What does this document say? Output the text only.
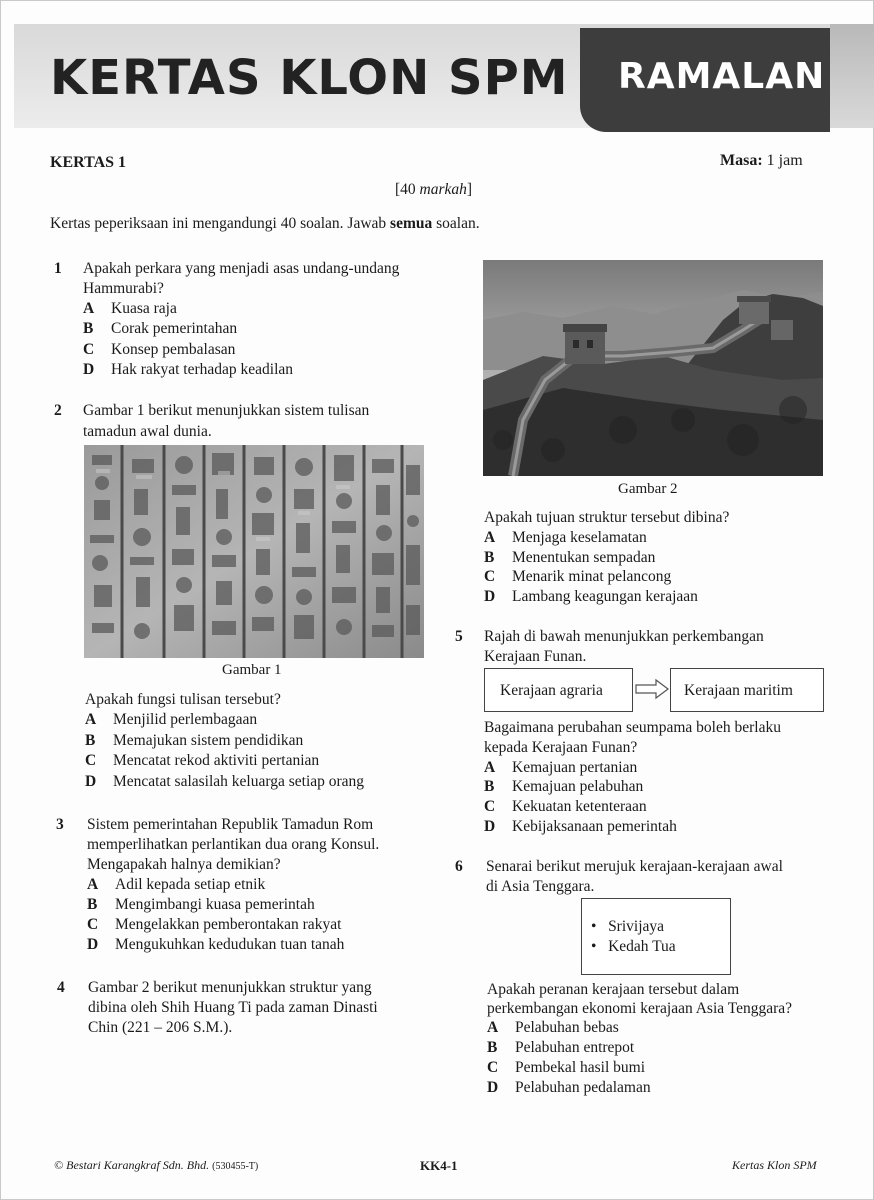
KERTAS KLON SPM RAMALAN
KERTAS 1	Masa: 1 jam
[40 markah]
Kertas peperiksaan ini mengandungi 40 soalan. Jawab semua soalan.
1 Apakah perkara yang menjadi asas undang-undang
Hammurabi?
A Kuasa raja
B Corak pemerintahan
C Konsep pembalasan
D Hak rakyat terhadap keadilan
2 Gambar 1 berikut menunjukkan sistem tulisan
tamadun awal dunia.
Gambar 1
Apakah fungsi tulisan tersebut?
A Menjilid perlembagaan
B Memajukan sistem pendidikan
C Mencatat rekod aktiviti pertanian
D Mencatat salasilah keluarga setiap orang
3 Sistem pemerintahan Republik Tamadun Rom
memperlihatkan perlantikan dua orang Konsul.
Mengapakah halnya demikian?
A Adil kepada setiap etnik
B Mengimbangi kuasa pemerintah
C Mengelakkan pemberontakan rakyat
D Mengukuhkan kedudukan tuan tanah
4 Gambar 2 berikut menunjukkan struktur yang
dibina oleh Shih Huang Ti pada zaman Dinasti
Chin (221 – 206 S.M.).
Gambar 2
Apakah tujuan struktur tersebut dibina?
A Menjaga keselamatan
B Menentukan sempadan
C Menarik minat pelancong
D Lambang keagungan kerajaan
5 Rajah di bawah menunjukkan perkembangan
Kerajaan Funan.
Kerajaan agraria	Kerajaan maritim
Bagaimana perubahan seumpama boleh berlaku
kepada Kerajaan Funan?
A Kemajuan pertanian
B Kemajuan pelabuhan
C Kekuatan ketenteraan
D Kebijaksanaan pemerintah
6 Senarai berikut merujuk kerajaan-kerajaan awal
di Asia Tenggara.
•   Srivijaya
•   Kedah Tua
Apakah peranan kerajaan tersebut dalam
perkembangan ekonomi kerajaan Asia Tenggara?
A Pelabuhan bebas
B Pelabuhan entrepot
C Pembekal hasil bumi
D Pelabuhan pedalaman
© Bestari Karangkraf Sdn. Bhd. (530455-T)	KK4-1	Kertas Klon SPM
